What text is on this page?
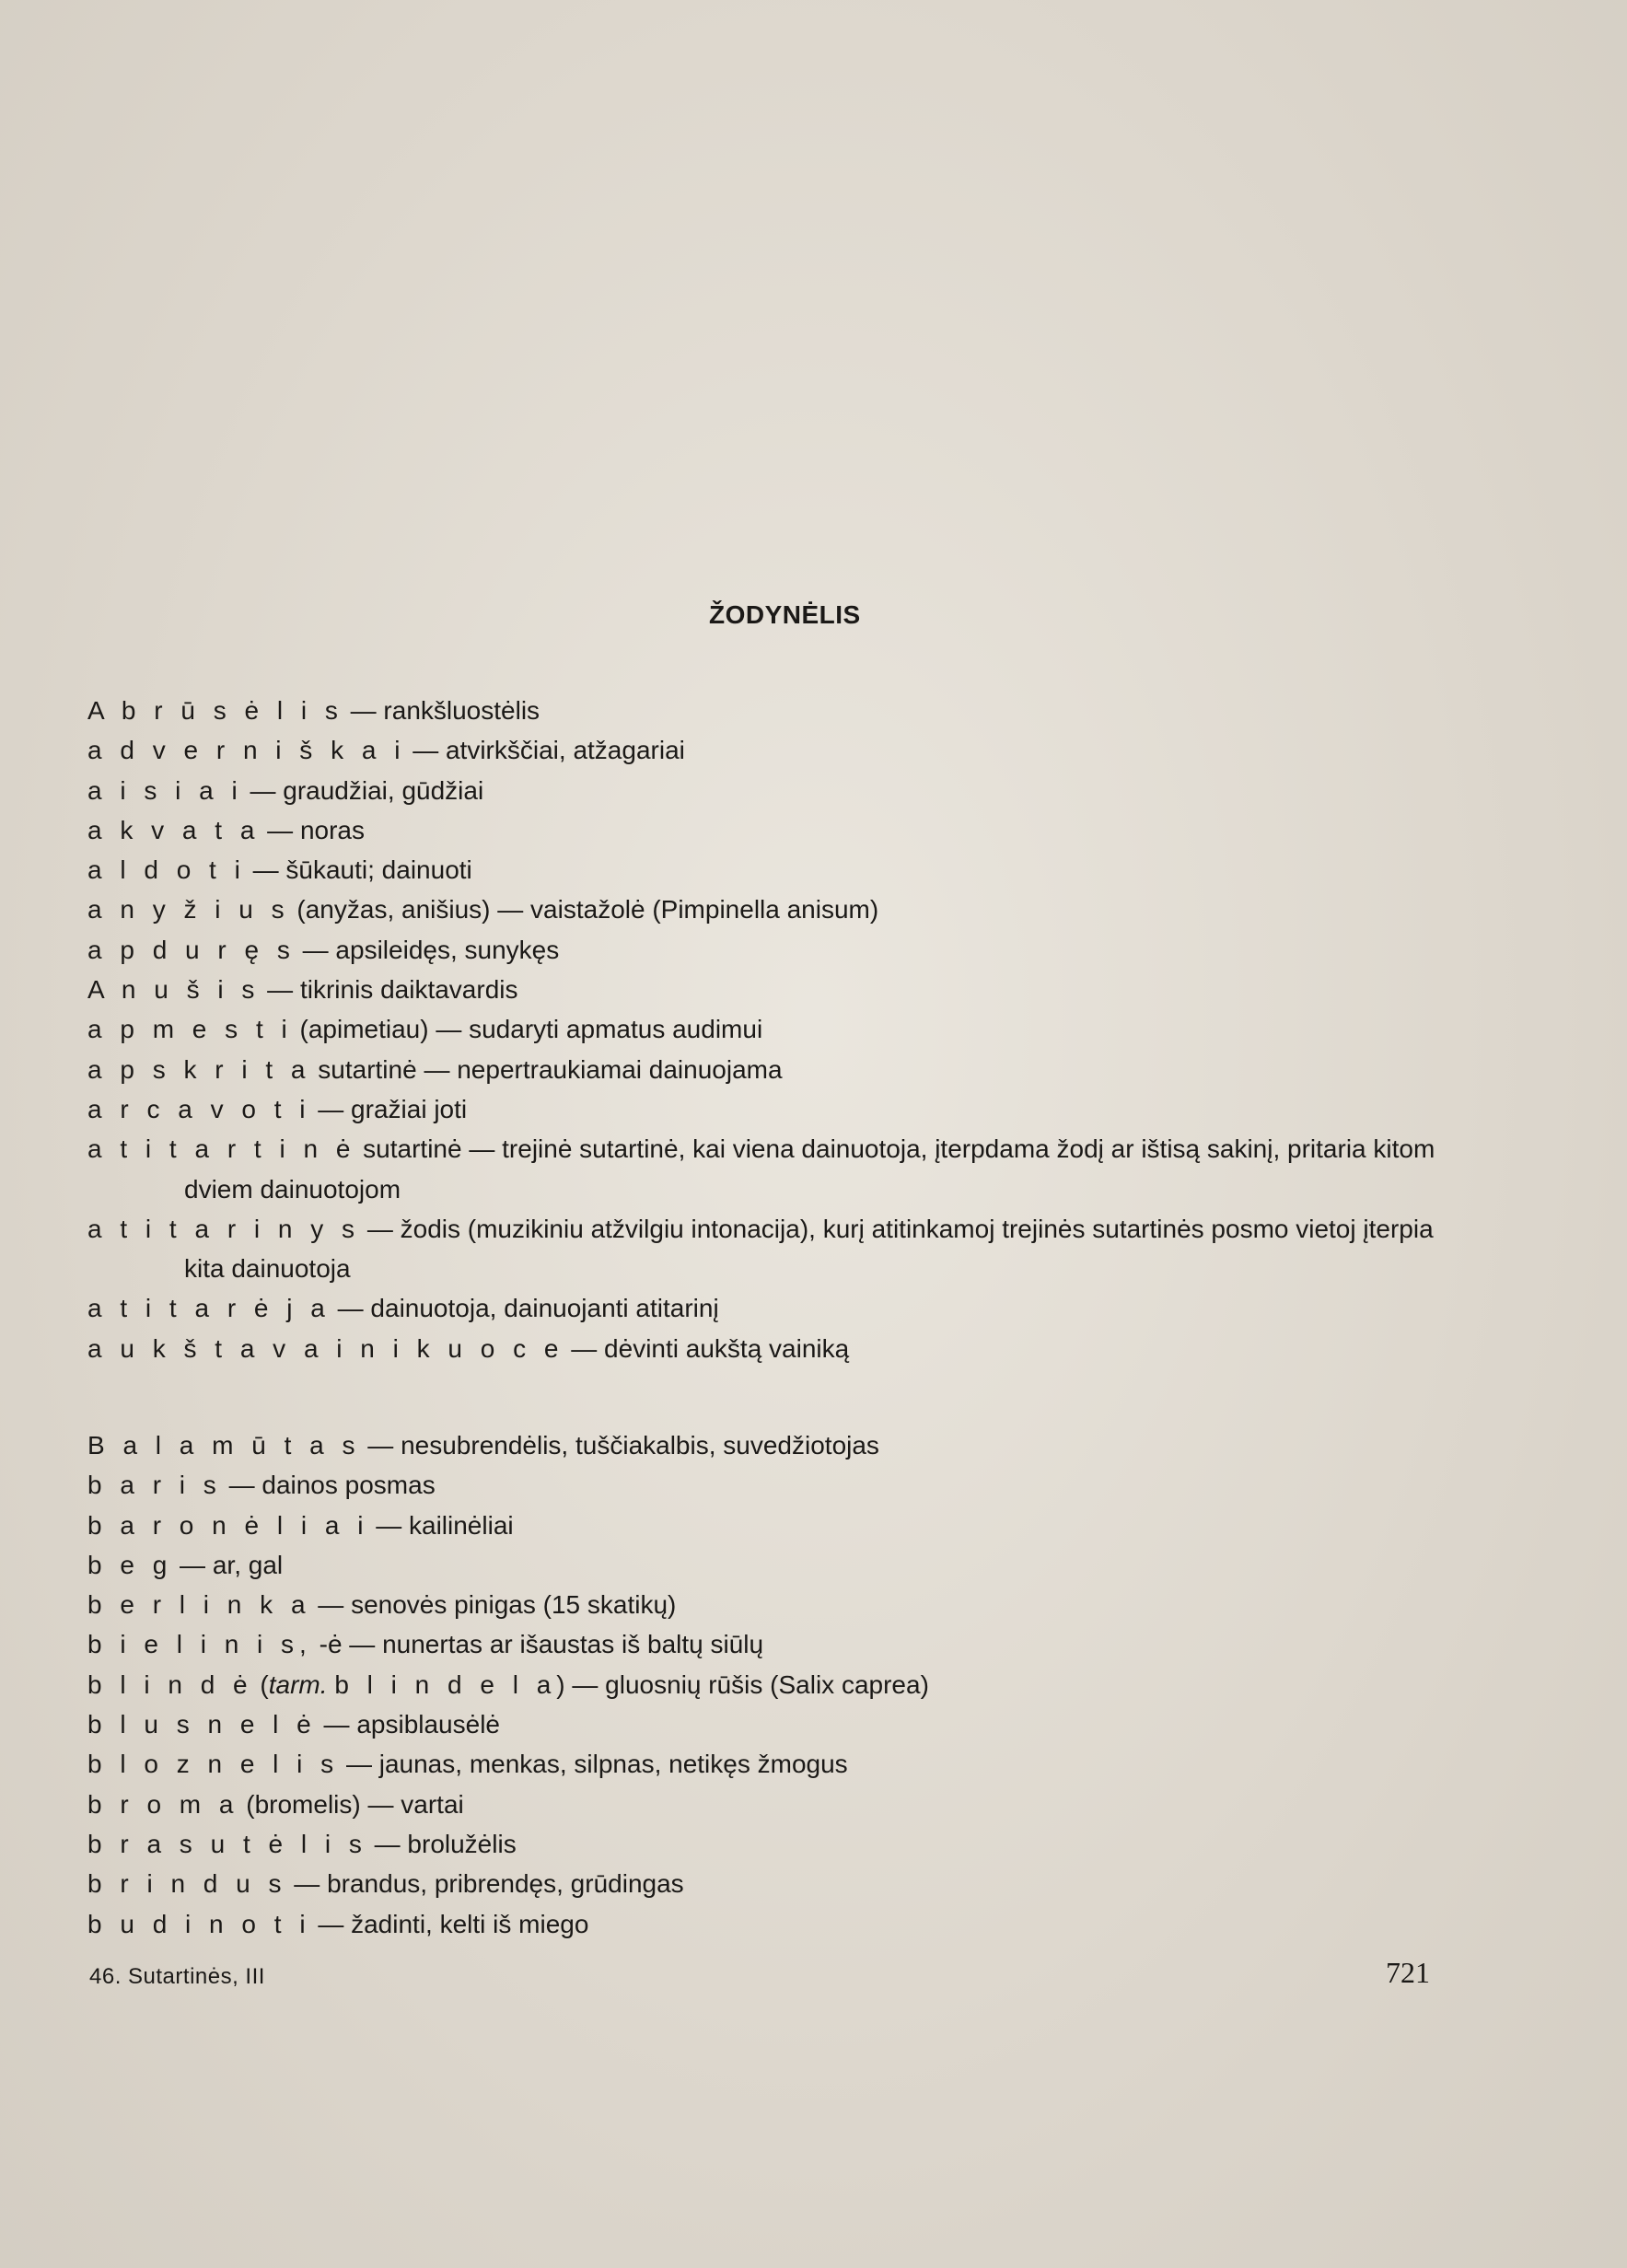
ŽODYNĖLIS

A b r ū s ė l i s — rankšluostėlis

a d v e r n i š k a i — atvirkščiai, atžagariai

a i s i a i — graudžiai, gūdžiai

a k v a t a — noras

a l d o t i — šūkauti; dainuoti

a n y ž i u s (anyžas, anišius) — vaistažolė (Pimpinella anisum)

a p d u r ę s — apsileidęs, sunykęs

A n u š i s — tikrinis daiktavardis

a p m e s t i (apimetiau) — sudaryti apmatus audimui

a p s k r i t a sutartinė — nepertraukiamai dainuojama

a r c a v o t i — gražiai joti

a t i t a r t i n ė sutartinė — trejinė sutartinė, kai viena dainuotoja, įterpdama žodį ar ištisą sakinį, pritaria kitom dviem dainuotojom

a t i t a r i n y s — žodis (muzikiniu atžvilgiu intonacija), kurį atitinkamoj trejinės sutartinės posmo vietoj įterpia kita dainuotoja

a t i t a r ė j a — dainuotoja, dainuojanti atitarinį

a u k š t a v a i n i k u o c e — dėvinti aukštą vainiką

B a l a m ū t a s — nesubrendėlis, tuščiakalbis, suvedžiotojas

b a r i s — dainos posmas

b a r o n ė l i a i — kailinėliai

b e g — ar, gal

b e r l i n k a — senovės pinigas (15 skatikų)

b i e l i n i s, -ė — nunertas ar išaustas iš baltų siūlų

b l i n d ė (tarm. b l i n d e l a) — gluosnių rūšis (Salix caprea)

b l u s n e l ė — apsiblausėlė

b l o z n e l i s — jaunas, menkas, silpnas, netikęs žmogus

b r o m a (bromelis) — vartai

b r a s u t ė l i s — brolužėlis

b r i n d u s — brandus, pribrendęs, grūdingas

b u d i n o t i — žadinti, kelti iš miego

46. Sutartinės, III	721
